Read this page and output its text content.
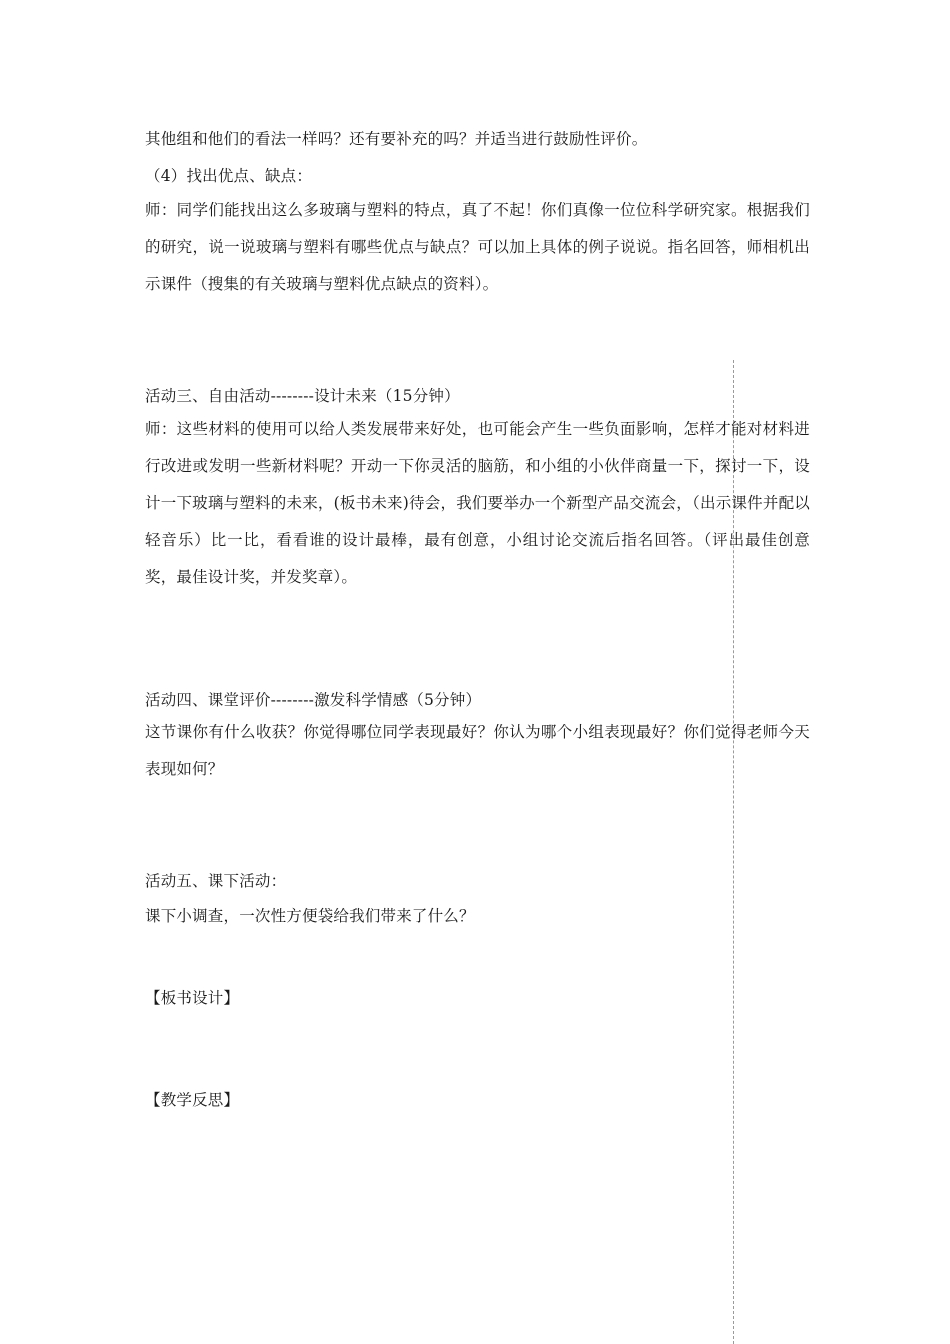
其他组和他们的看法一样吗？还有要补充的吗？并适当进行鼓励性评价。
（4）找出优点、缺点：
师：同学们能找出这么多玻璃与塑料的特点，真了不起！你们真像一位位科学研究家。根据我们的研究，说一说玻璃与塑料有哪些优点与缺点？可以加上具体的例子说说。指名回答，师相机出示课件（搜集的有关玻璃与塑料优点缺点的资料）。
活动三、自由活动--------设计未来（15分钟）
师：这些材料的使用可以给人类发展带来好处，也可能会产生一些负面影响，怎样才能对材料进行改进或发明一些新材料呢？开动一下你灵活的脑筋，和小组的小伙伴商量一下，探讨一下，设计一下玻璃与塑料的未来，(板书未来)待会，我们要举办一个新型产品交流会，（出示课件并配以轻音乐）比一比，看看谁的设计最棒，最有创意，小组讨论交流后指名回答。（评出最佳创意奖，最佳设计奖，并发奖章）。
活动四、课堂评价--------激发科学情感（5分钟）
这节课你有什么收获？你觉得哪位同学表现最好？你认为哪个小组表现最好？你们觉得老师今天表现如何？
活动五、课下活动：
课下小调查，一次性方便袋给我们带来了什么？
【板书设计】
【教学反思】
